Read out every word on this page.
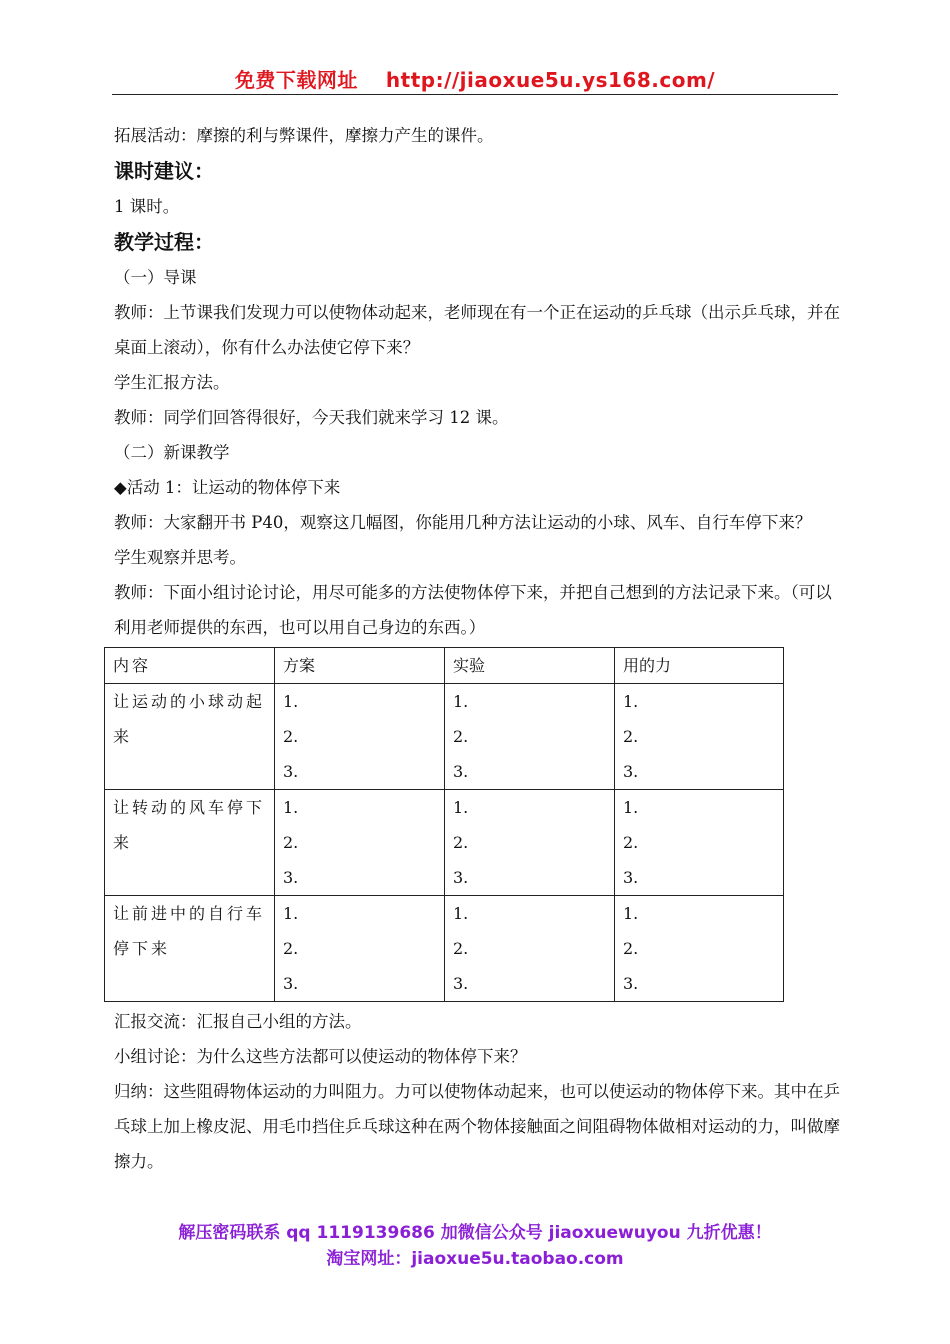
免费下载网址 http://jiaoxue5u.ys168.com/
拓展活动：摩擦的利与弊课件，摩擦力产生的课件。
课时建议：
1 课时。
教学过程：
（一）导课
教师：上节课我们发现力可以使物体动起来，老师现在有一个正在运动的乒乓球（出示乒乓球，并在桌面上滚动），你有什么办法使它停下来？
学生汇报方法。
教师：同学们回答得很好，今天我们就来学习 12 课。
（二）新课教学
◆活动 1：让运动的物体停下来
教师：大家翻开书 P40，观察这几幅图，你能用几种方法让运动的小球、风车、自行车停下来？
学生观察并思考。
教师：下面小组讨论讨论，用尽可能多的方法使物体停下来，并把自己想到的方法记录下来。（可以利用老师提供的东西，也可以用自己身边的东西。）
内容	方案	实验	用的力
让运动的小球动起来	1.
2.
3.	1.
2.
3.	1.
2.
3.

让转动的风车停下来	1.
2.
3.	1.
2.
3.	1.
2.
3.

让前进中的自行车停下来	1.
2.
3.	1.
2.
3.	1.
2.
3.
汇报交流：汇报自己小组的方法。
小组讨论：为什么这些方法都可以使运动的物体停下来？
归纳：这些阻碍物体运动的力叫阻力。力可以使物体动起来，也可以使运动的物体停下来。其中在乒乓球上加上橡皮泥、用毛巾挡住乒乓球这种在两个物体接触面之间阻碍物体做相对运动的力，叫做摩擦力。
解压密码联系 qq 1119139686 加微信公众号 jiaoxuewuyou 九折优惠！
淘宝网址：jiaoxue5u.taobao.com
